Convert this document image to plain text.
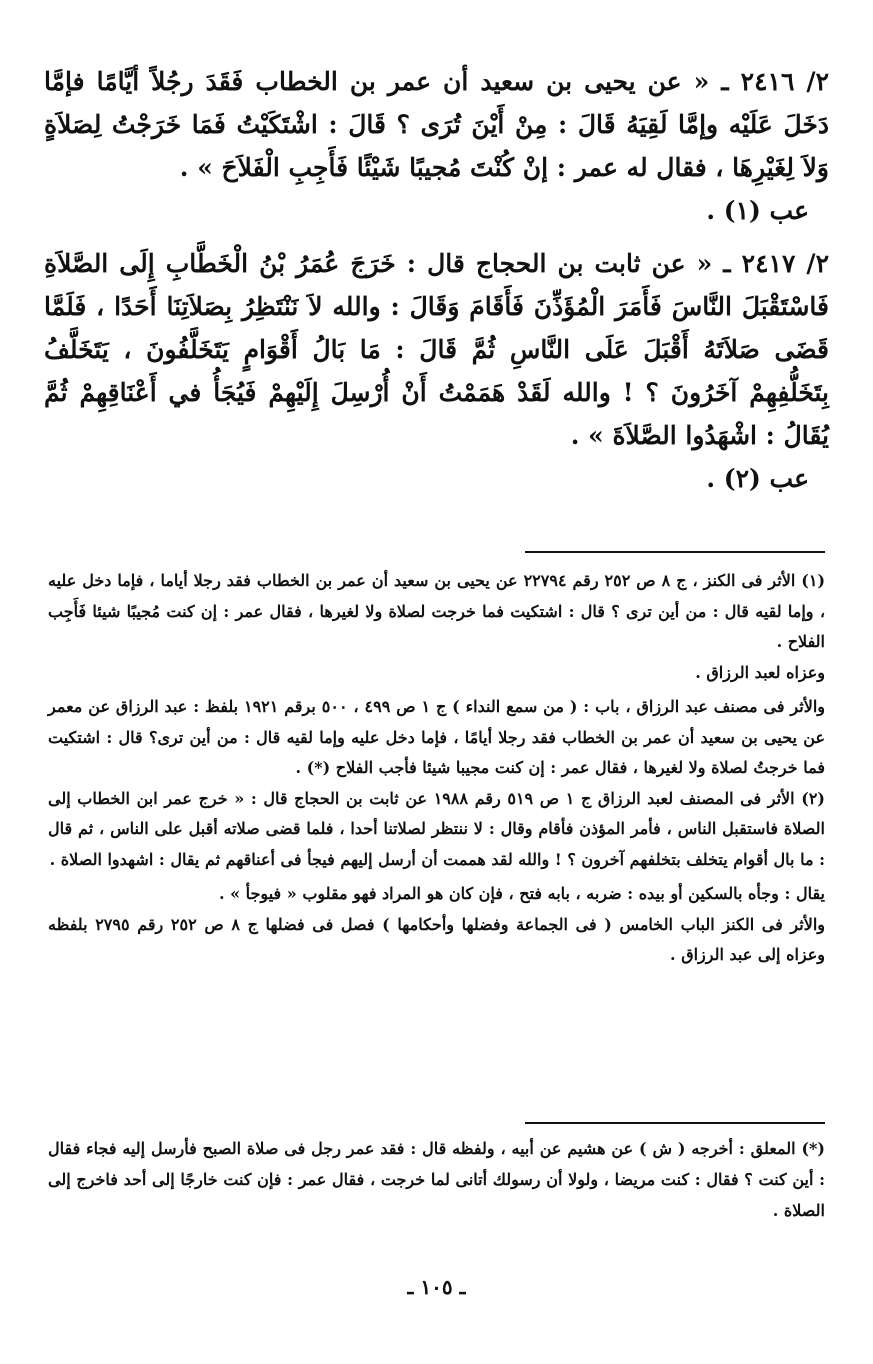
٢/ ٢٤١٦ ـ « عن يحيى بن سعيد أن عمر بن الخطاب فَقَدَ رجُلاً أيَّامًا فإمَّا دَخَلَ عَلَيْه وإمَّا لَقِيَهُ قَالَ : مِنْ أَيْنَ تُرَى ؟ قَالَ : اشْتَكَيْتُ فَمَا خَرَجْتُ لِصَلاَةٍ وَلاَ لِغَيْرِهَا ، فقال له عمر : إنْ كُنْتَ مُجيبًا شَيْئًا فَأَجِبِ الْفَلاَحَ » .

عب (١) .

٢/ ٢٤١٧ ـ « عن ثابت بن الحجاج قال : خَرَجَ عُمَرُ بْنُ الْخَطَّابِ إِلَى الصَّلاَةِ فَاسْتَقْبَلَ النَّاسَ فَأَمَرَ الْمُؤَذِّنَ فَأَقَامَ وَقَالَ : والله لاَ نَنْتَظِرُ بِصَلاَتِنَا أَحَدًا ، فَلَمَّا قَضَى صَلاَتَهُ أَقْبَلَ عَلَى النَّاسِ ثُمَّ قَالَ : مَا بَالُ أَقْوَامٍ يَتَخَلَّفُونَ ، يَتَخَلَّفُ بِتَخَلُّفِهِمْ آخَرُونَ ؟ ! والله لَقَدْ هَمَمْتُ أَنْ أُرْسِلَ إِلَيْهِمْ فَيُجَأُ في أَعْنَاقِهِمْ ثُمَّ يُقَالُ : اشْهَدُوا الصَّلاَةَ » .

عب (٢) .

(١) الأثر فى الكنز ، ج ٨ ص ٢٥٢ رقم ٢٢٧٩٤ عن يحيى بن سعيد أن عمر بن الخطاب فقد رجلا أياما ، فإما دخل عليه ، وإما لقيه قال : من أين ترى ؟ قال : اشتكيت فما خرجت لصلاة ولا لغيرها ، فقال عمر : إن كنت مُجيبًا شيئا فَأَجِب الفلاح .

وعزاه لعبد الرزاق .

والأثر فى مصنف عبد الرزاق ، باب : ( من سمع النداء ) ج ١ ص ٤٩٩ ، ٥٠٠ برقم ١٩٢١ بلفظ : عبد الرزاق عن معمر عن يحيى بن سعيد أن عمر بن الخطاب فقد رجلا أيامًا ، فإما دخل عليه وإما لقيه قال : من أين ترى؟ قال : اشتكيت فما خرجتُ لصلاة ولا لغيرها ، فقال عمر : إن كنت مجيبا شيئا فأجب الفلاح (*) .

(٢) الأثر فى المصنف لعبد الرزاق ج ١ ص ٥١٩ رقم ١٩٨٨ عن ثابت بن الحجاج قال : « خرج عمر ابن الخطاب إلى الصلاة فاستقبل الناس ، فأمر المؤذن فأقام وقال : لا ننتظر لصلاتنا أحدا ، فلما قضى صلاته أقبل على الناس ، ثم قال : ما بال أقوام يتخلف بتخلفهم آخرون ؟ ! والله لقد هممت أن أرسل إليهم فيجأ فى أعناقهم ثم يقال : اشهدوا الصلاة .

يقال : وجأه بالسكين أو بيده : ضربه ، بابه فتح ، فإن كان هو المراد فهو مقلوب « فيوجأ » .

والأثر فى الكنز الباب الخامس ( فى الجماعة وفضلها وأحكامها ) فصل فى فضلها ج ٨ ص ٢٥٢ رقم ٢٧٩٥ بلفظه وعزاه إلى عبد الرزاق .

(*) المعلق : أخرجه ( ش ) عن هشيم عن أبيه ، ولفظه قال : فقد عمر رجل فى صلاة الصبح فأرسل إليه فجاء فقال : أين كنت ؟ فقال : كنت مريضا ، ولولا أن رسولك أتانى لما خرجت ، فقال عمر : فإن كنت خارجًا إلى أحد فاخرج إلى الصلاة .

ـ ١٠٥ ـ
